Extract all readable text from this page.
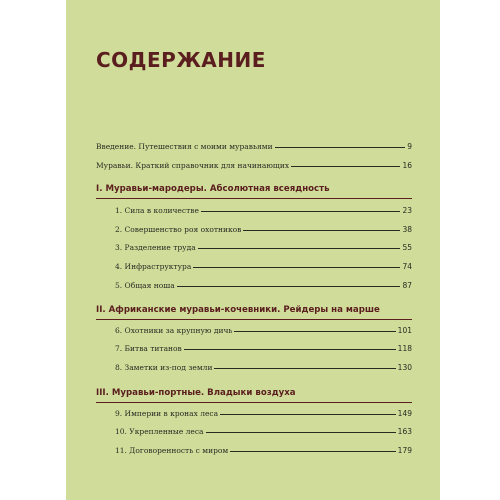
СОДЕРЖАНИЕ
Введение. Путешествия с моими муравьями	9
Муравьи. Краткий справочник для начинающих	16
I. Муравьи-мародеры. Абсолютная всеядность
1. Сила в количестве	23
2. Совершенство роя охотников	38
3. Разделение труда	55
4. Инфраструктура	74
5. Общая ноша	87
II. Африканские муравьи-кочевники. Рейдеры на марше
6. Охотники за крупную дичь	101
7. Битва титанов	118
8. Заметки из-под земли	130
III. Муравьи-портные. Владыки воздуха
9. Империи в кронах леса	149
10. Укрепленные леса	163
11. Договоренность с миром	179
